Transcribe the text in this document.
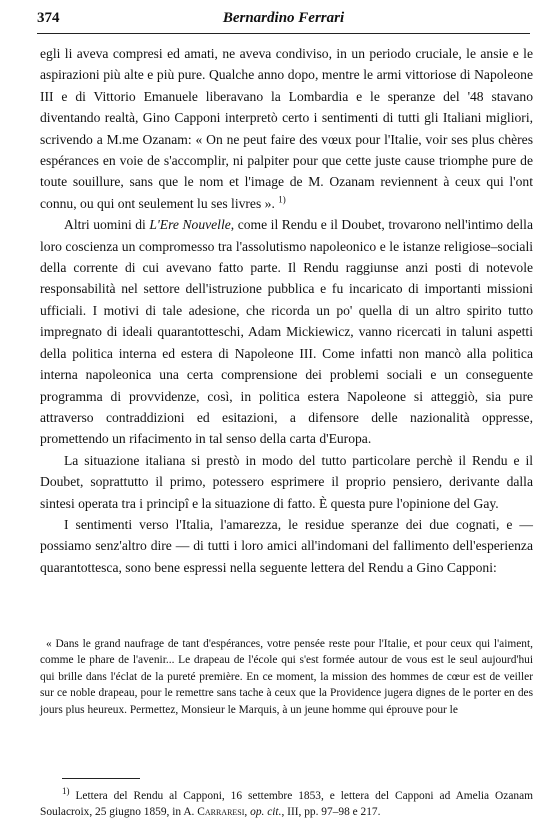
374	Bernardino Ferrari

egli li aveva compresi ed amati, ne aveva condiviso, in un periodo cruciale, le ansie e le aspirazioni più alte e più pure. Qualche anno dopo, mentre le armi vittoriose di Napoleone III e di Vittorio Emanuele liberavano la Lombardia e le speranze del '48 stavano diventando realtà, Gino Capponi interpretò certo i sentimenti di tutti gli Italiani migliori, scrivendo a M.me Ozanam: « On ne peut faire des vœux pour l'Italie, voir ses plus chères espérances en voie de s'accomplir, ni palpiter pour que cette juste cause triomphe pure de toute souillure, sans que le nom et l'image de M. Ozanam reviennent à ceux qui l'ont connu, ou qui ont seulement lu ses livres ». $^{1)}$

Altri uomini di L'Ere Nouvelle, come il Rendu e il Doubet, trovarono nell'intimo della loro coscienza un compromesso tra l'assolutismo napoleonico e le istanze religiose–sociali della corrente di cui avevano fatto parte. Il Rendu raggiunse anzi posti di notevole responsabilità nel settore dell'istruzione pubblica e fu incaricato di importanti missioni ufficiali. I motivi di tale adesione, che ricorda un po' quella di un altro spirito tutto impregnato di ideali quarantotteschi, Adam Mickiewicz, vanno ricercati in taluni aspetti della politica interna ed estera di Napoleone III. Come infatti non mancò alla politica interna napoleonica una certa comprensione dei problemi sociali e un conseguente programma di provvidenze, così, in politica estera Napoleone si atteggiò, sia pure attraverso contraddizioni ed esitazioni, a difensore delle nazionalità oppresse, promettendo un rifacimento in tal senso della carta d'Europa.

La situazione italiana si prestò in modo del tutto particolare perchè il Rendu e il Doubet, soprattutto il primo, potessero esprimere il proprio pensiero, derivante dalla sintesi operata tra i principî e la situazione di fatto. È questa pure l'opinione del Gay.

I sentimenti verso l'Italia, l'amarezza, le residue speranze dei due cognati, e — possiamo senz'altro dire — di tutti i loro amici all'indomani del fallimento dell'esperienza quarantottesca, sono bene espressi nella seguente lettera del Rendu a Gino Capponi:

« Dans le grand naufrage de tant d'espérances, votre pensée reste pour l'Italie, et pour ceux qui l'aiment, comme le phare de l'avenir... Le drapeau de l'école qui s'est formée autour de vous est le seul aujourd'hui qui brille dans l'éclat de la pureté première. En ce moment, la mission des hommes de cœur est de veiller sur ce noble drapeau, pour le remettre sans tache à ceux que la Providence jugera dignes de le porter en des jours plus heureux. Permettez, Monsieur le Marquis, à un jeune homme qui éprouve pour le

$^{1)}$ Lettera del Rendu al Capponi, 16 settembre 1853, e lettera del Capponi ad Amelia Ozanam Soulacroix, 25 giugno 1859, in A. Carraresi, op. cit., III, pp. 97–98 e 217.
